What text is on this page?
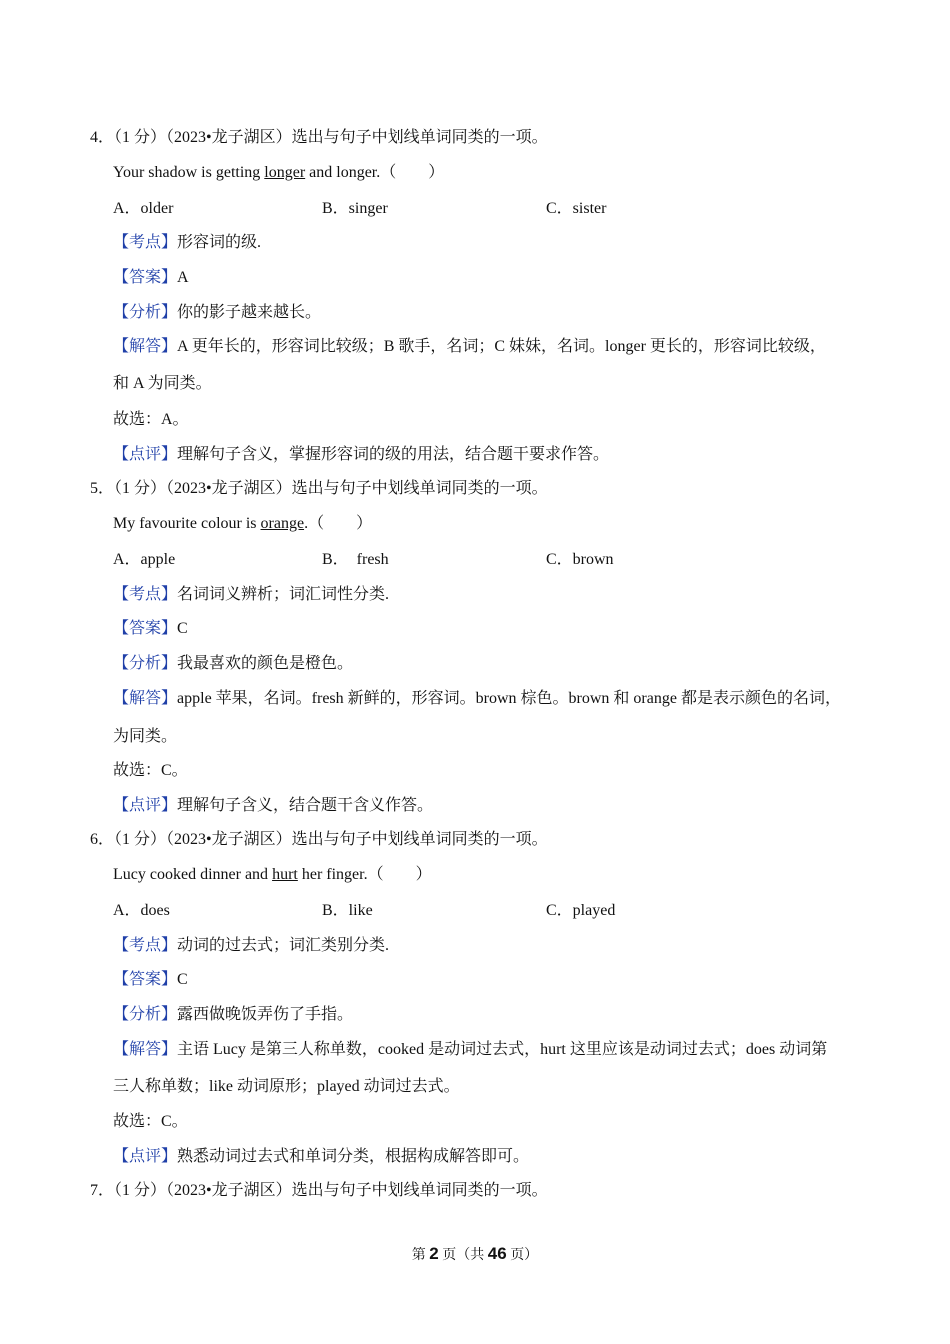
4．（1 分）（2023•龙子湖区）选出与句子中划线单词同类的一项。
Your shadow is getting longer and longer.（　　）
A．older	B．singer	C．sister
【考点】形容词的级.
【答案】A
【分析】你的影子越来越长。
【解答】A 更年长的，形容词比较级；B 歌手，名词；C 妹妹，名词。longer 更长的，形容词比较级，
和 A 为同类。
故选：A。
【点评】理解句子含义，掌握形容词的级的用法，结合题干要求作答。
5．（1 分）（2023•龙子湖区）选出与句子中划线单词同类的一项。
My favourite colour is orange.（　　）
A．apple	B．  fresh	C．brown
【考点】名词词义辨析；词汇词性分类.
【答案】C
【分析】我最喜欢的颜色是橙色。
【解答】apple 苹果，名词。fresh 新鲜的，形容词。brown 棕色。brown 和 orange 都是表示颜色的名词，
为同类。
故选：C。
【点评】理解句子含义，结合题干含义作答。
6．（1 分）（2023•龙子湖区）选出与句子中划线单词同类的一项。
Lucy cooked dinner and hurt her finger.（　　）
A．does	B．like	C．played
【考点】动词的过去式；词汇类别分类.
【答案】C
【分析】露西做晚饭弄伤了手指。
【解答】主语 Lucy 是第三人称单数，cooked 是动词过去式，hurt 这里应该是动词过去式；does 动词第
三人称单数；like 动词原形；played 动词过去式。
故选：C。
【点评】熟悉动词过去式和单词分类，根据构成解答即可。
7．（1 分）（2023•龙子湖区）选出与句子中划线单词同类的一项。
第 2 页（共 46 页）
